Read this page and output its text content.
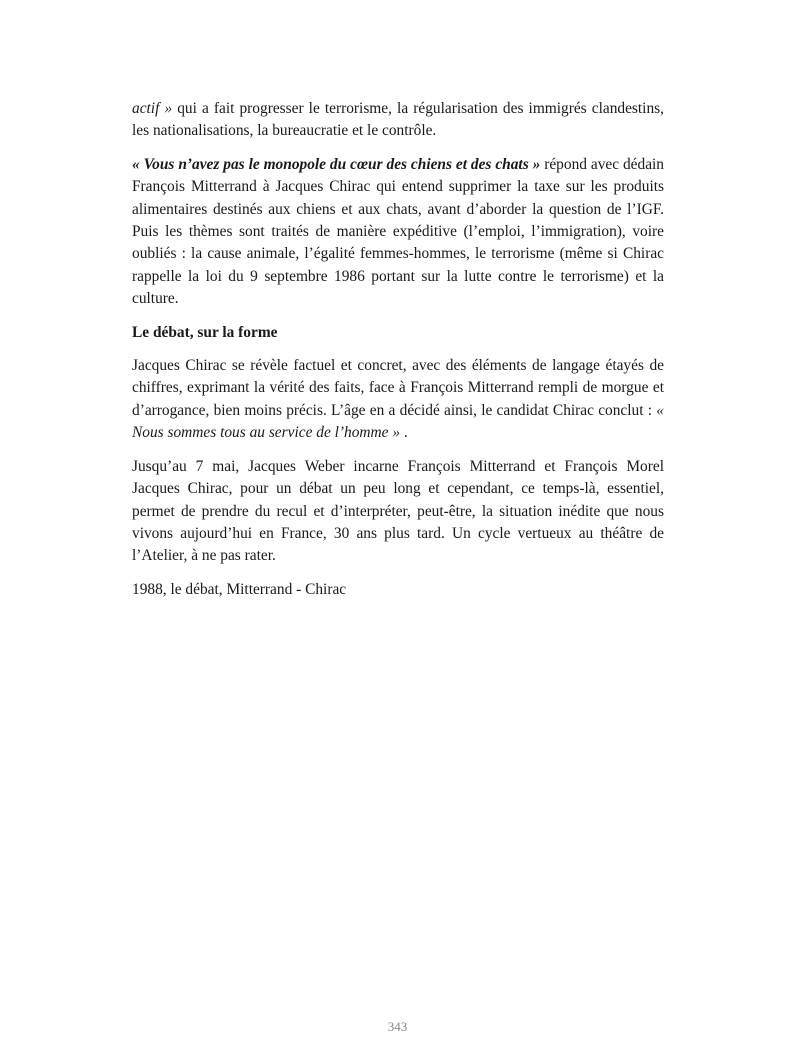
actif » qui a fait progresser le terrorisme, la régularisation des immigrés clandestins, les nationalisations, la bureaucratie et le contrôle.

« Vous n’avez pas le monopole du cœur des chiens et des chats » répond avec dédain François Mitterrand à Jacques Chirac qui entend supprimer la taxe sur les produits alimentaires destinés aux chiens et aux chats, avant d’aborder la question de l’IGF. Puis les thèmes sont traités de manière expéditive (l’emploi, l’immigration), voire oubliés : la cause animale, l’égalité femmes-hommes, le terrorisme (même si Chirac rappelle la loi du 9 septembre 1986 portant sur la lutte contre le terrorisme) et la culture.

Le débat, sur la forme

Jacques Chirac se révèle factuel et concret, avec des éléments de langage étayés de chiffres, exprimant la vérité des faits, face à François Mitterrand rempli de morgue et d’arrogance, bien moins précis. L’âge en a décidé ainsi, le candidat Chirac conclut : « Nous sommes tous au service de l’homme » .

Jusqu’au 7 mai, Jacques Weber incarne François Mitterrand et François Morel Jacques Chirac, pour un débat un peu long et cependant, ce temps-là, essentiel, permet de prendre du recul et d’interpréter, peut-être, la situation inédite que nous vivons aujourd’hui en France, 30 ans plus tard. Un cycle vertueux au théâtre de l’Atelier, à ne pas rater.

1988, le débat, Mitterrand - Chirac

343
